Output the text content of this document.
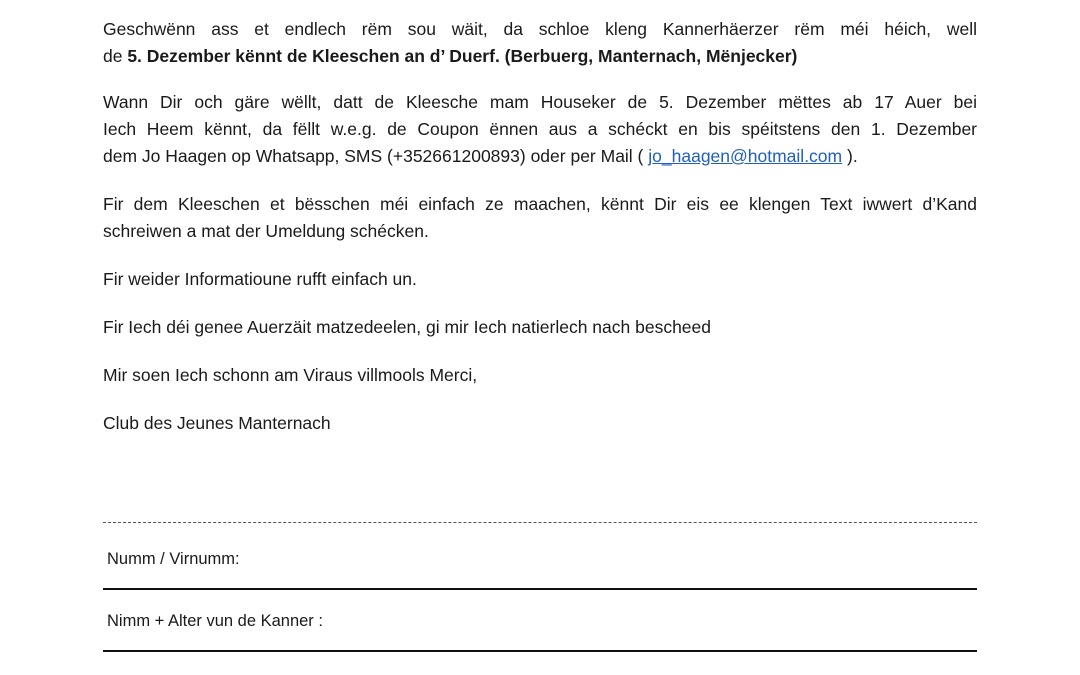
Geschwënn ass et endlech rëm sou wäit, da schloe kleng Kannerhäerzer rëm méi héich, well
de 5. Dezember kënnt de Kleeschen an d’ Duerf. (Berbuerg, Manternach, Mënjecker)

Wann Dir och gäre wëllt, datt de Kleesche mam Houseker de 5. Dezember mëttes ab 17 Auer bei
Iech Heem kënnt, da fëllt w.e.g. de Coupon ënnen aus a schéckt en bis spéitstens den 1. Dezember
dem Jo Haagen op Whatsapp, SMS (+352661200893) oder per Mail ( jo_haagen@hotmail.com ).

Fir dem Kleeschen et bësschen méi einfach ze maachen, kënnt Dir eis ee klengen Text iwwert d’Kand
schreiwen a mat der Umeldung schécken.

Fir weider Informatioune rufft einfach un.

Fir Iech déi genee Auerzäit matzedeelen, gi mir Iech natierlech nach bescheed

Mir soen Iech schonn am Viraus villmools Merci,

Club des Jeunes Manternach

Numm / Virnumm:
Nimm + Alter vun de Kanner :
